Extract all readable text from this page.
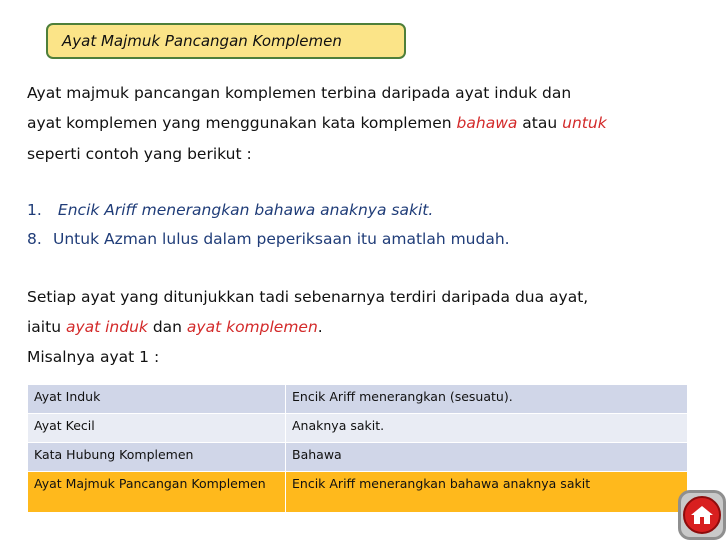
Ayat Majmuk Pancangan Komplemen
Ayat majmuk pancangan komplemen terbina daripada ayat induk dan
ayat komplemen yang menggunakan kata komplemen bahawa atau untuk
seperti contoh yang berikut :
1. Encik Ariff menerangkan bahawa anaknya sakit.
8. Untuk Azman lulus dalam peperiksaan itu amatlah mudah.
Setiap ayat yang ditunjukkan tadi sebenarnya terdiri daripada dua ayat,
iaitu ayat induk dan ayat komplemen.
Misalnya ayat 1 :
Ayat Induk	Encik Ariff menerangkan (sesuatu).
Ayat Kecil	Anaknya sakit.
Kata Hubung Komplemen	Bahawa
Ayat Majmuk Pancangan Komplemen	Encik Ariff menerangkan bahawa anaknya sakit
